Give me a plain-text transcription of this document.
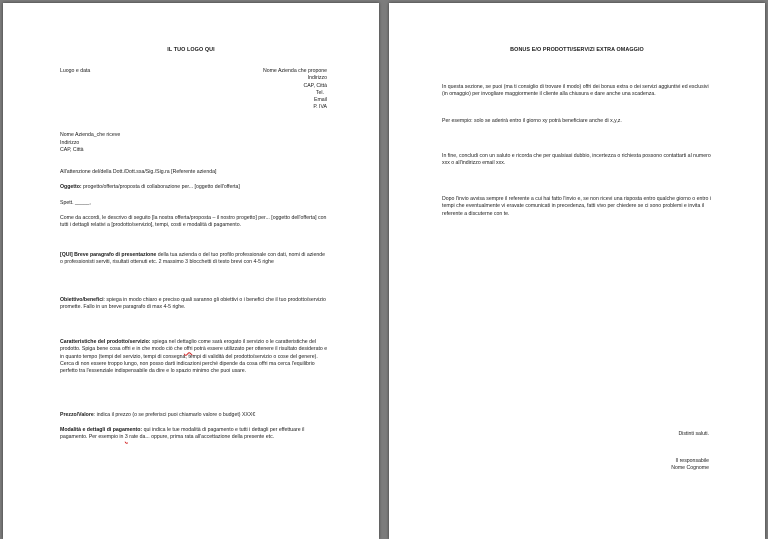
IL TUO LOGO QUI
Luogo e data	Nome Azienda che propone
Indirizzo
CAP, Città
Tel.
Email
P. IVA
Nome Azienda_che riceve
Indirizzo
CAP, Città
All'attenzione del/della Dott./Dott.ssa/Sig./Sig.ra [Referente azienda]
Oggetto: progetto/offerta/proposta di collaborazione per... [oggetto dell'offerta]
Spett. _____,
Come da accordi, le descrivo di seguito [la nostra offerta/proposta – il nostro progetto] per... [oggetto dell'offerta] con tutti i dettagli relativi a [prodotto/servizio], tempi, costi e modalità di pagamento.
[QUI] Breve paragrafo di presentazione della tua azienda o del tuo profilo professionale con dati, nomi di aziende o professionisti serviti, risultati ottenuti etc. 2 massimo 3 blocchetti di testo brevi con 4-5 righe
Obiettivo/benefici: spiega in modo chiaro e preciso quali saranno gli obiettivi o i benefici che il tuo prodotto/servizio promette. Fallo in un breve paragrafo di max 4-5 righe.
Caratteristiche del prodotto/servizio: spiega nel dettaglio come sarà erogato il servizio o le caratteristiche del prodotto. Spiga bene cosa offri e in che modo ciò che offri potrà essere utilizzato per ottenere il risultato desiderato e in quanto tempo (tempi del servizio, tempi di consegna, tempi di validità del prodotto/servizio o cose del genere). Cerca di non essere troppo lungo, non posso darti indicazioni perché dipende da cosa offri ma cerca l'equilibrio perfetto tra l'essenziale indispensabile da dire e lo spazio minimo che puoi usare.
Prezzo/Valore: indica il prezzo (o se preferisci puoi chiamarlo valore o budget) XXX€
Modalità e dettagli di pagamento: qui indica le tue modalità di pagamento e tutti i dettagli per effettuare il pagamento. Per esempio in 3 rate da... oppure, prima rata all'accettazione della presente etc.
BONUS E/O PRODOTTI/SERVIZI EXTRA OMAGGIO
In questa sezione, se puoi (ma ti consiglio di trovare il modo) offri dei bonus extra o dei servizi aggiuntivi ed esclusivi (in omaggio) per invogliare maggiormente il cliente alla chiusura e dare anche una scadenza.
Per esempio: solo se aderirà entro il giorno xy potrà beneficiare anche di x,y,z.
In fine, concludi con un saluto e ricorda che per qualsiasi dubbio, incertezza o richiesta possono contattarti al numero xxx o all'indirizzo email xxx.
Dopo l'invio avvisa sempre il referente a cui hai fatto l'invio e, se non ricevi una risposta entro qualche giorno o entro i tempi che eventualmente vi eravate comunicati in precedenza, fatti vivo per chiedere se ci sono problemi e invita il referente a discuterne con te.
Distinti saluti.
Il responsabile
Nome Cognome
